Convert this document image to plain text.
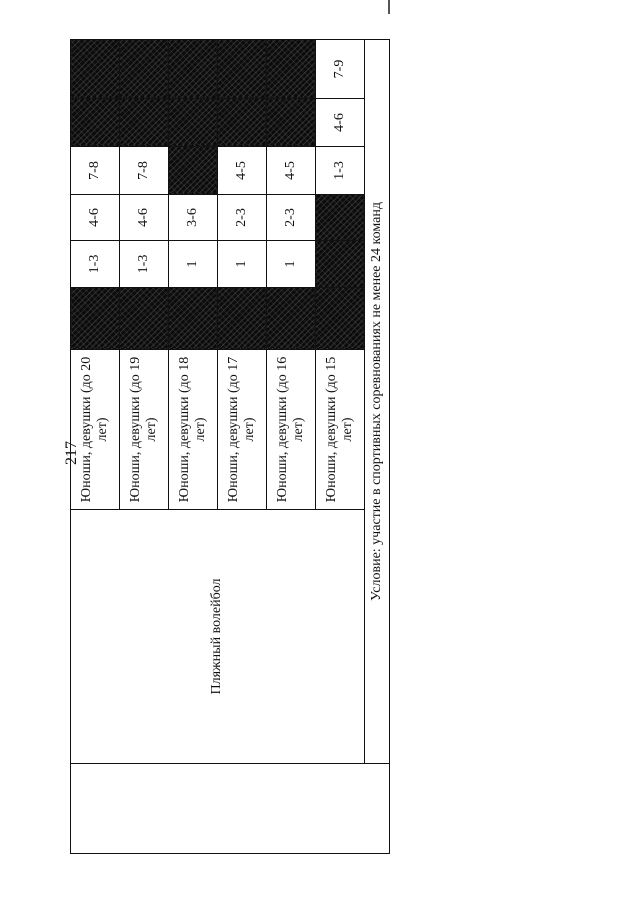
217
	Пляжный волейбол	Юноши, девушки (до 20 лет)		1-3	4-6	7-8		
		Юноши, девушки (до 19 лет)		1-3	4-6	7-8		
		Юноши, девушки (до 18 лет)		1	3-6			
		Юноши, девушки (до 17 лет)		1	2-3	4-5		
		Юноши, девушки (до 16 лет)		1	2-3	4-5		
		Юноши, девушки (до 15 лет)				1-3	4-6	7-9
	Условие: участие в спортивных соревнованиях не менее 24 команд							
